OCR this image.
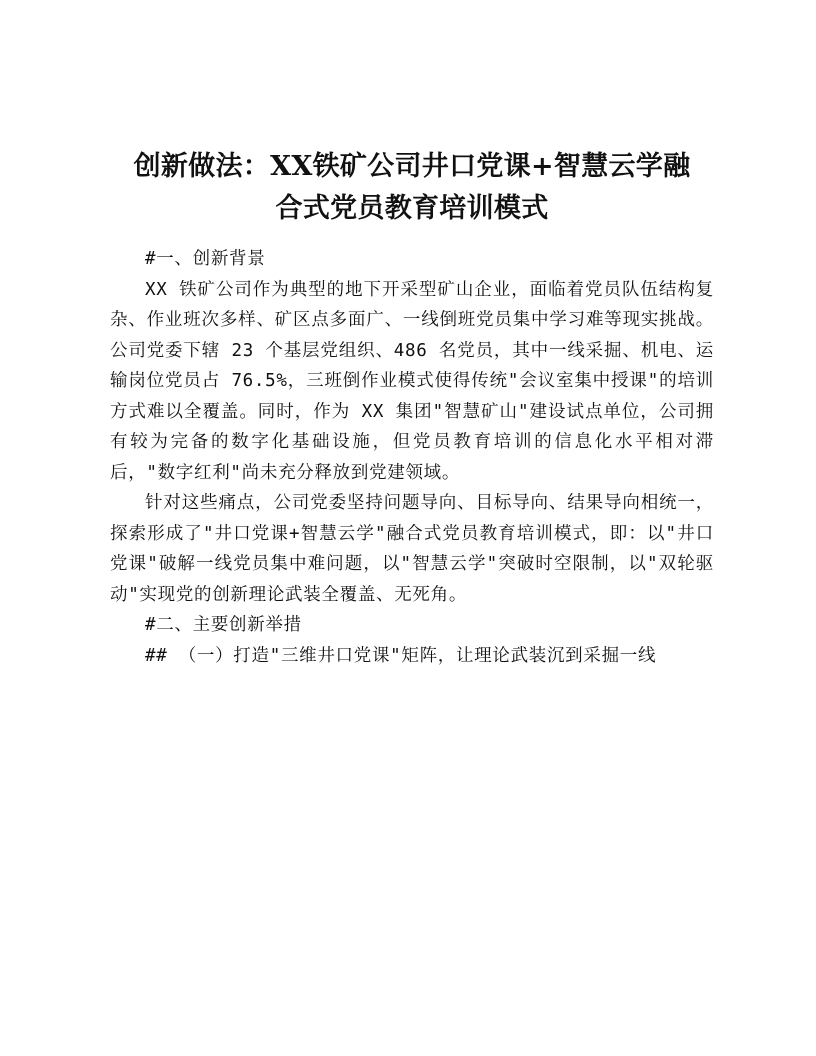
创新做法：XX铁矿公司井口党课+智慧云学融
合式党员教育培训模式

#一、创新背景

XX 铁矿公司作为典型的地下开采型矿山企业，面临着党员队伍结构复杂、作业班次多样、矿区点多面广、一线倒班党员集中学习难等现实挑战。公司党委下辖 23 个基层党组织、486 名党员，其中一线采掘、机电、运输岗位党员占 76.5%，三班倒作业模式使得传统"会议室集中授课"的培训方式难以全覆盖。同时，作为 XX 集团"智慧矿山"建设试点单位，公司拥有较为完备的数字化基础设施，但党员教育培训的信息化水平相对滞后，"数字红利"尚未充分释放到党建领域。

针对这些痛点，公司党委坚持问题导向、目标导向、结果导向相统一，探索形成了"井口党课+智慧云学"融合式党员教育培训模式，即：以"井口党课"破解一线党员集中难问题，以"智慧云学"突破时空限制，以"双轮驱动"实现党的创新理论武装全覆盖、无死角。

#二、主要创新举措

## （一）打造"三维井口党课"矩阵，让理论武装沉到采掘一线
